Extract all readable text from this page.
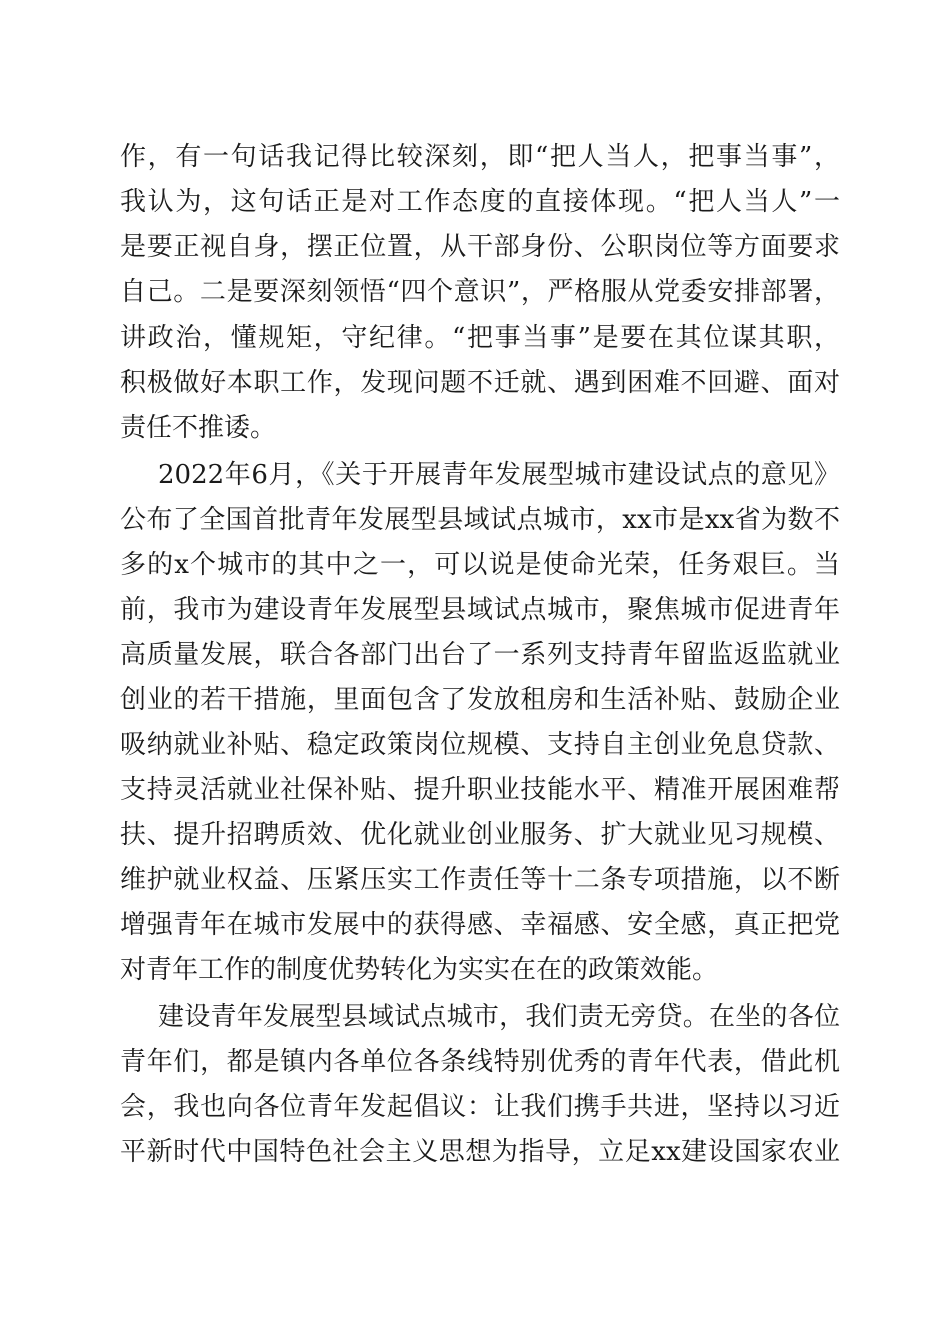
作，有一句话我记得比较深刻，即“把人当人，把事当事”，
我认为，这句话正是对工作态度的直接体现。“把人当人”一
是要正视自身，摆正位置，从干部身份、公职岗位等方面要求
自己。二是要深刻领悟“四个意识”，严格服从党委安排部署，
讲政治，懂规矩，守纪律。“把事当事”是要在其位谋其职，
积极做好本职工作，发现问题不迁就、遇到困难不回避、面对
责任不推诿。
2022年6月，《关于开展青年发展型城市建设试点的意见》
公布了全国首批青年发展型县域试点城市，xx市是xx省为数不
多的x个城市的其中之一，可以说是使命光荣，任务艰巨。当
前，我市为建设青年发展型县域试点城市，聚焦城市促进青年
高质量发展，联合各部门出台了一系列支持青年留监返监就业
创业的若干措施，里面包含了发放租房和生活补贴、鼓励企业
吸纳就业补贴、稳定政策岗位规模、支持自主创业免息贷款、
支持灵活就业社保补贴、提升职业技能水平、精准开展困难帮
扶、提升招聘质效、优化就业创业服务、扩大就业见习规模、
维护就业权益、压紧压实工作责任等十二条专项措施，以不断
增强青年在城市发展中的获得感、幸福感、安全感，真正把党
对青年工作的制度优势转化为实实在在的政策效能。
建设青年发展型县域试点城市，我们责无旁贷。在坐的各位
青年们，都是镇内各单位各条线特别优秀的青年代表，借此机
会，我也向各位青年发起倡议：让我们携手共进，坚持以习近
平新时代中国特色社会主义思想为指导，立足xx建设国家农业
